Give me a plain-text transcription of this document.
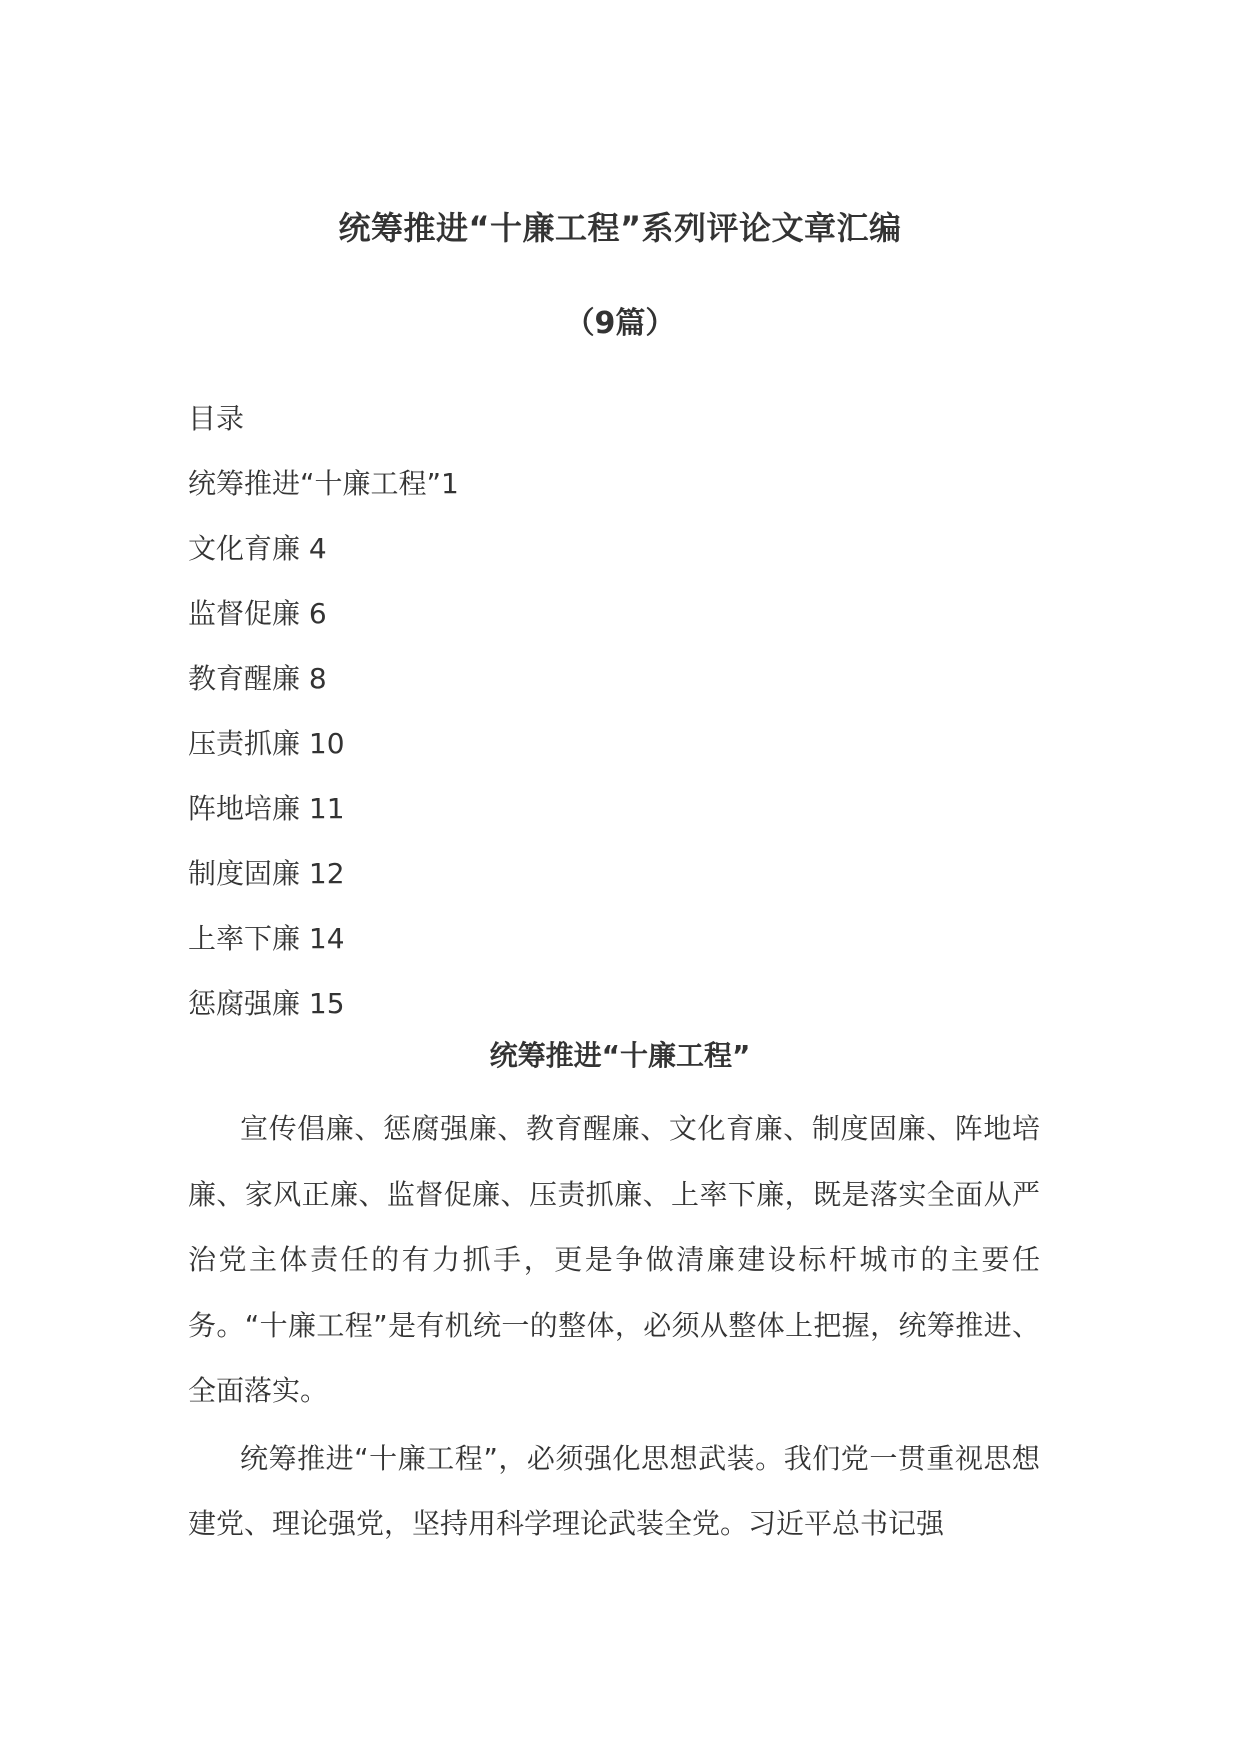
统筹推进“十廉工程”系列评论文章汇编
（9篇）
目录
统筹推进“十廉工程”1
文化育廉 4
监督促廉 6
教育醒廉 8
压责抓廉 10
阵地培廉 11
制度固廉 12
上率下廉 14
惩腐强廉 15
统筹推进“十廉工程”

宣传倡廉、惩腐强廉、教育醒廉、文化育廉、制度固廉、阵地培廉、家风正廉、监督促廉、压责抓廉、上率下廉，既是落实全面从严治党主体责任的有力抓手，更是争做清廉建设标杆城市的主要任务。“十廉工程”是有机统一的整体，必须从整体上把握，统筹推进、全面落实。

统筹推进“十廉工程”，必须强化思想武装。我们党一贯重视思想建党、理论强党，坚持用科学理论武装全党。习近平总书记强
